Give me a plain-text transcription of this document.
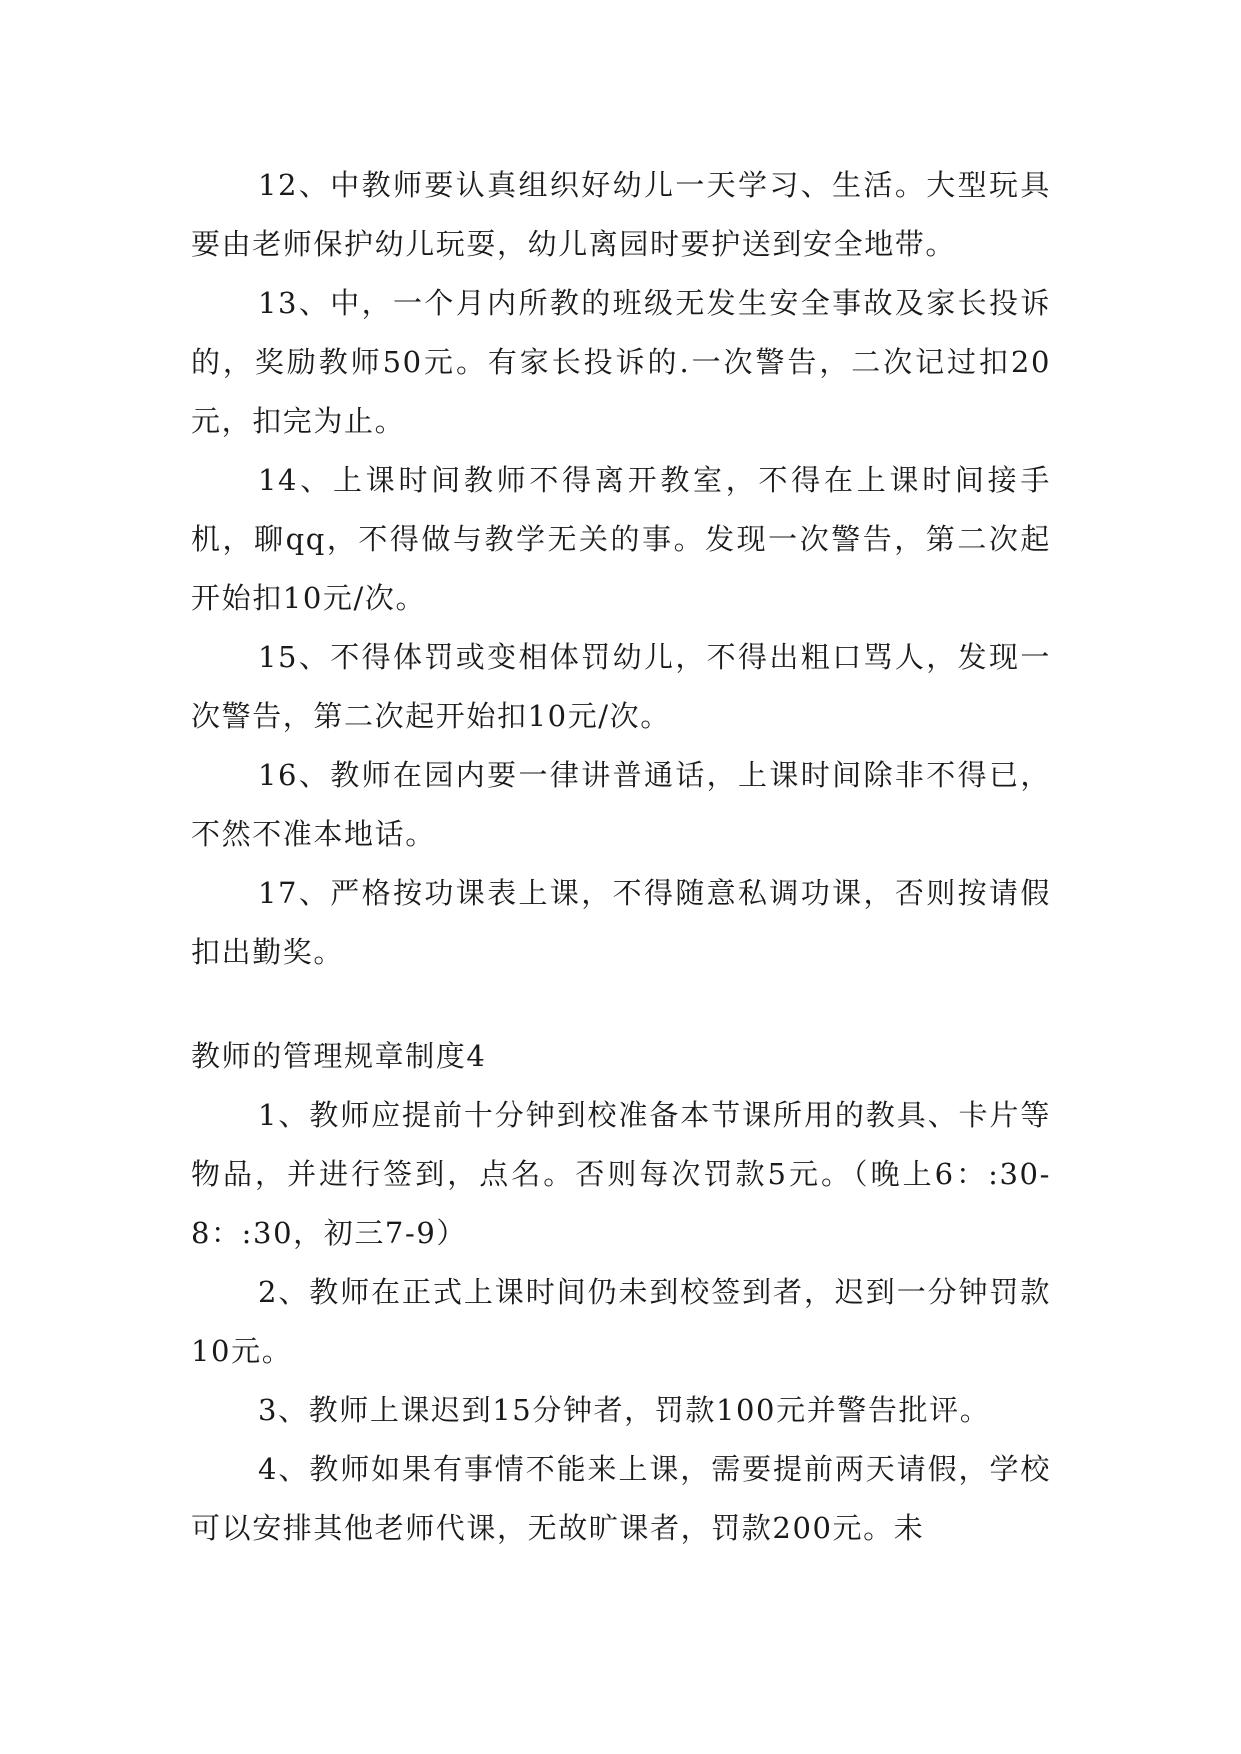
12、中教师要认真组织好幼儿一天学习、生活。大型玩具要由老师保护幼儿玩耍，幼儿离园时要护送到安全地带。

13、中，一个月内所教的班级无发生安全事故及家长投诉的，奖励教师50元。有家长投诉的.一次警告，二次记过扣20元，扣完为止。

14、上课时间教师不得离开教室，不得在上课时间接手机，聊qq，不得做与教学无关的事。发现一次警告，第二次起开始扣10元/次。

15、不得体罚或变相体罚幼儿，不得出粗口骂人，发现一次警告，第二次起开始扣10元/次。

16、教师在园内要一律讲普通话，上课时间除非不得已，不然不准本地话。

17、严格按功课表上课，不得随意私调功课，否则按请假扣出勤奖。

教师的管理规章制度4

1、教师应提前十分钟到校准备本节课所用的教具、卡片等物品，并进行签到，点名。否则每次罚款5元。（晚上6：:30-8：:30，初三7-9）

2、教师在正式上课时间仍未到校签到者，迟到一分钟罚款10元。

3、教师上课迟到15分钟者，罚款100元并警告批评。

4、教师如果有事情不能来上课，需要提前两天请假，学校可以安排其他老师代课，无故旷课者，罚款200元。未
